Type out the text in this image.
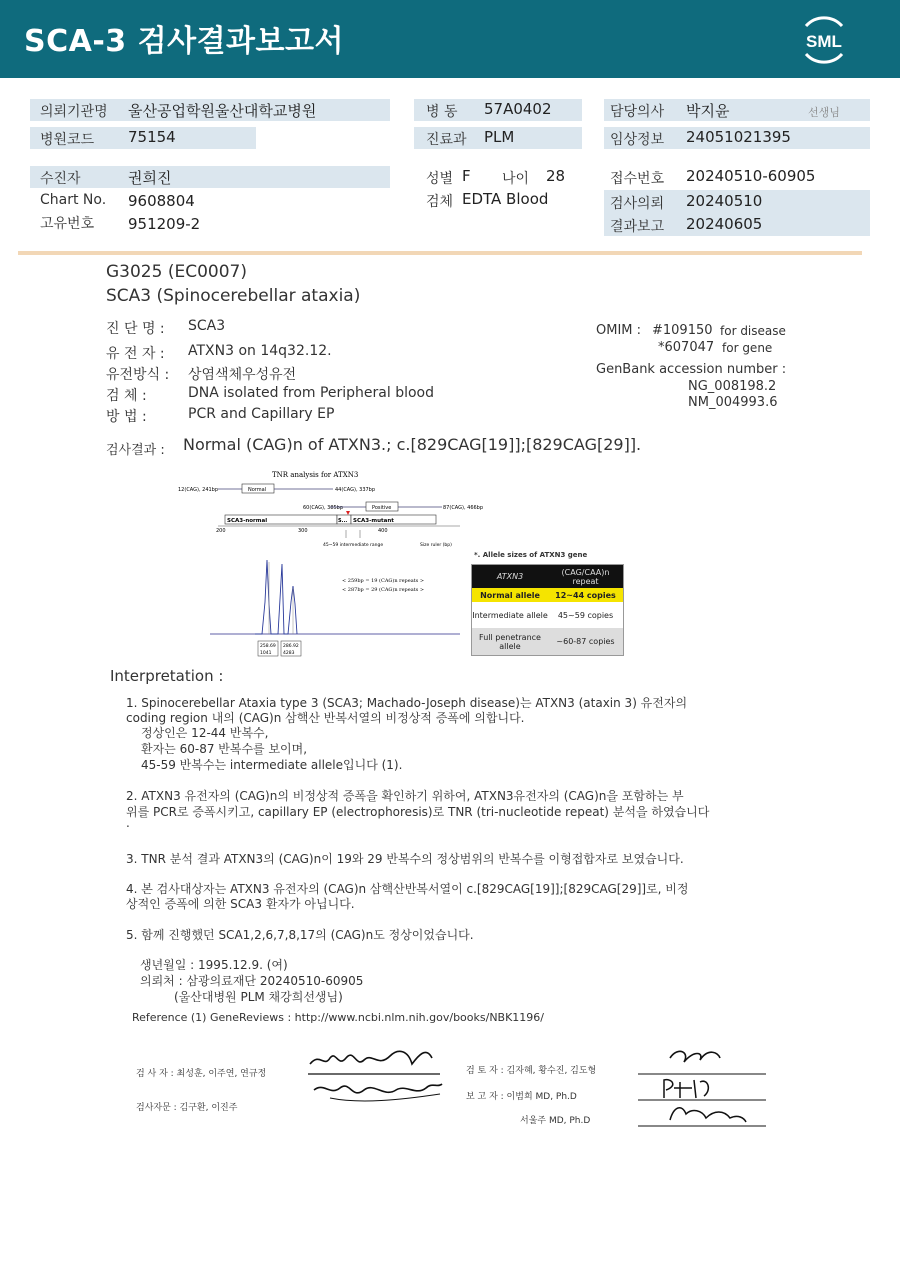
SCA-3 검사결과보고서	SML
의뢰기관명 울산공업학원울산대학교병원
병원코드 75154
병 동 57A0402
진료과 PLM
담당의사 박지윤	선생님
임상정보 24051021395
수진자	권희진
Chart No. 9608804
고유번호 951209-2
성별 F 나이 28
검체 EDTA Blood
접수번호 20240510-60905
검사의뢰 20240510
결과보고 20240605
G3025 (EC0007)
SCA3 (Spinocerebellar ataxia)
진 단 명 : SCA3
유 전 자 : ATXN3 on 14q32.12.
유전방식 : 상염색체우성유전
검 체 :	DNA isolated from Peripheral blood
방 법 :	PCR and Capillary EP
OMIM : #109150 for disease
*607047 for gene
GenBank accession number :
NG_008198.2
NM_004993.6
검사결과 : Normal (CAG)n of ATXN3.; c.[829CAG[19]];[829CAG[29]].
TNR analysis for ATXN3
12(CAG), 241bp	Normal	44(CAG), 337bp
60(CAG), 385bp	Positive	87(CAG), 466bp
SCA3-normal	S... SCA3-mutant
200	300	400
45~59 intermediate range	Size ruler (bp)
< 259bp = 19 (CAG)n repeats >
< 287bp = 29 (CAG)n repeats >
258.69
1041
286.92
4283
*. Allele sizes of ATXN3 gene
ATXN3	(CAG/CAA)n repeat
Normal allele	12~44 copies
Intermediate allele	45~59 copies
Full penetrance allele	~60-87 copies
Interpretation :
1. Spinocerebellar Ataxia type 3 (SCA3; Machado-Joseph disease)는 ATXN3 (ataxin 3) 유전자의
coding region 내의 (CAG)n 삼핵산 반복서열의 비정상적 증폭에 의합니다.
정상인은 12-44 반복수,
환자는 60-87 반복수를 보이며,
45-59 반복수는 intermediate allele입니다 (1).
2. ATXN3 유전자의 (CAG)n의 비정상적 증폭을 확인하기 위하여, ATXN3유전자의 (CAG)n을 포함하는 부
위를 PCR로 증폭시키고, capillary EP (electrophoresis)로 TNR (tri-nucleotide repeat) 분석을 하였습니다
.
3. TNR 분석 결과 ATXN3의 (CAG)n이 19와 29 반복수의 정상범위의 반복수를 이형접합자로 보였습니다.
4. 본 검사대상자는 ATXN3 유전자의 (CAG)n 삼핵산반복서열이 c.[829CAG[19]];[829CAG[29]]로, 비정
상적인 증폭에 의한 SCA3 환자가 아닙니다.
5. 함께 진행했던 SCA1,2,6,7,8,17의 (CAG)n도 정상이었습니다.
생년월일 : 1995.12.9. (여)
의뢰처 : 삼광의료재단 20240510-60905
(울산대병원 PLM 채강희선생님)
Reference (1) GeneReviews : http://www.ncbi.nlm.nih.gov/books/NBK1196/
검 사 자 : 최성훈, 이주연, 연규정
검사자문 : 김구환, 이진주
검 토 자 : 김자혜, 황수진, 김도형
보 고 자 : 이범희 MD, Ph.D
서울주 MD, Ph.D
